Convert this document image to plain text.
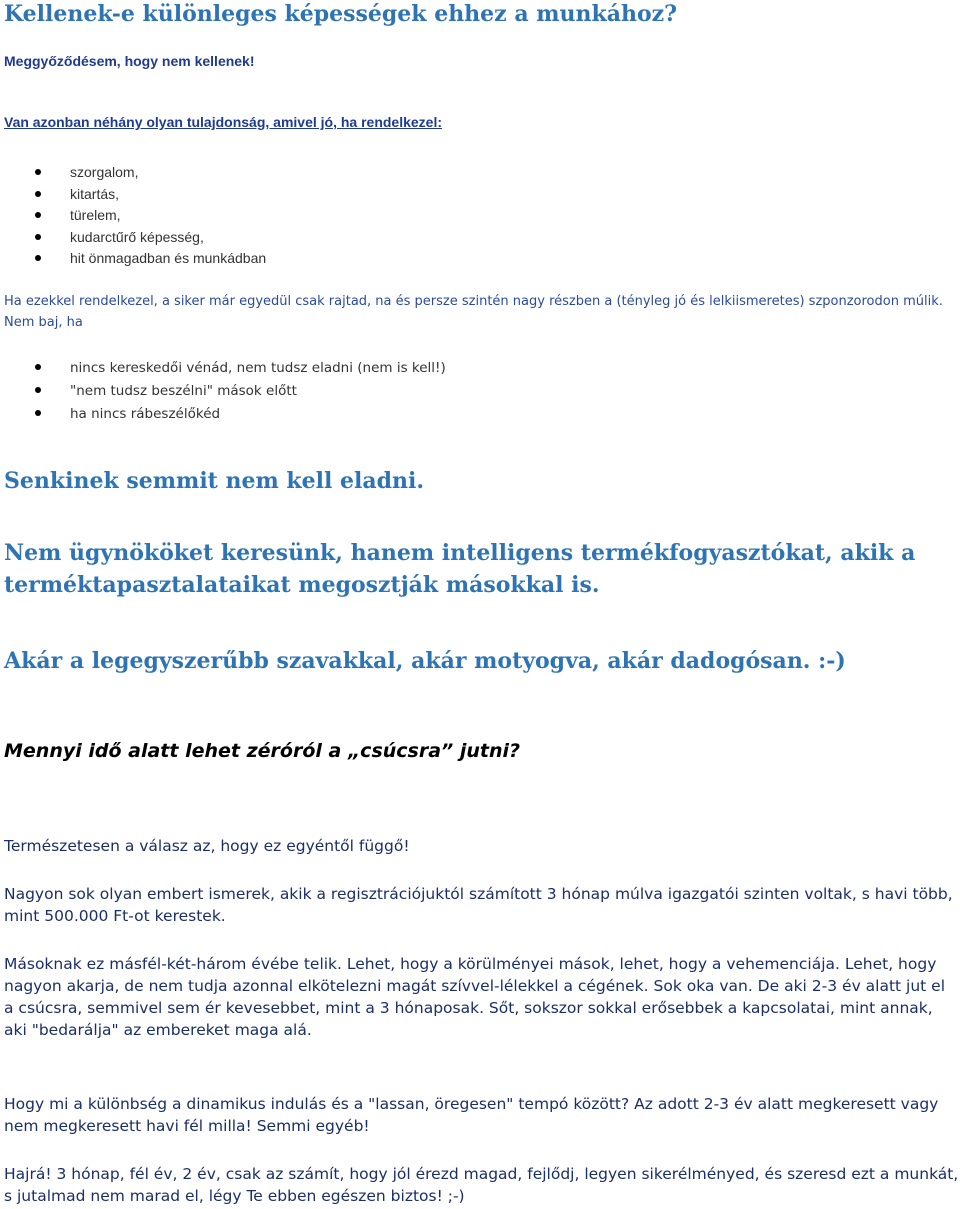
Kellenek-e különleges képességek ehhez a munkához?

Meggyőződésem, hogy nem kellenek!

Van azonban néhány olyan tulajdonság, amivel jó, ha rendelkezel:

szorgalom,
kitartás,
türelem,
kudarctűrő képesség,
hit önmagadban és munkádban

Ha ezekkel rendelkezel, a siker már egyedül csak rajtad, na és persze szintén nagy részben a (tényleg jó és lelkiismeretes) szponzorodon múlik. Nem baj, ha

nincs kereskedői vénád, nem tudsz eladni (nem is kell!)
"nem tudsz beszélni" mások előtt
ha nincs rábeszélőkéd
Senkinek semmit nem kell eladni.
Nem ügynököket keresünk, hanem intelligens termékfogyasztókat, akik a terméktapasztalataikat megosztják másokkal is.
Akár a legegyszerűbb szavakkal, akár motyogva, akár dadogósan. :-)
Mennyi idő alatt lehet zéróról a „csúcsra” jutni?

Természetesen a válasz az, hogy ez egyéntől függő!

Nagyon sok olyan embert ismerek, akik a regisztrációjuktól számított 3 hónap múlva igazgatói szinten voltak, s havi több, mint 500.000 Ft-ot kerestek.

Másoknak ez másfél-két-három évébe telik. Lehet, hogy a körülményei mások, lehet, hogy a vehemenciája. Lehet, hogy nagyon akarja, de nem tudja azonnal elkötelezni magát szívvel-lélekkel a cégének. Sok oka van. De aki 2-3 év alatt jut el a csúcsra, semmivel sem ér kevesebbet, mint a 3 hónaposak. Sőt, sokszor sokkal erősebbek a kapcsolatai, mint annak, aki "bedarálja" az embereket maga alá.

Hogy mi a különbség a dinamikus indulás és a "lassan, öregesen" tempó között? Az adott 2-3 év alatt megkeresett vagy nem megkeresett havi fél milla! Semmi egyéb!

Hajrá! 3 hónap, fél év, 2 év, csak az számít, hogy jól érezd magad, fejlődj, legyen sikerélményed, és szeresd ezt a munkát, s jutalmad nem marad el, légy Te ebben egészen biztos! ;-)
